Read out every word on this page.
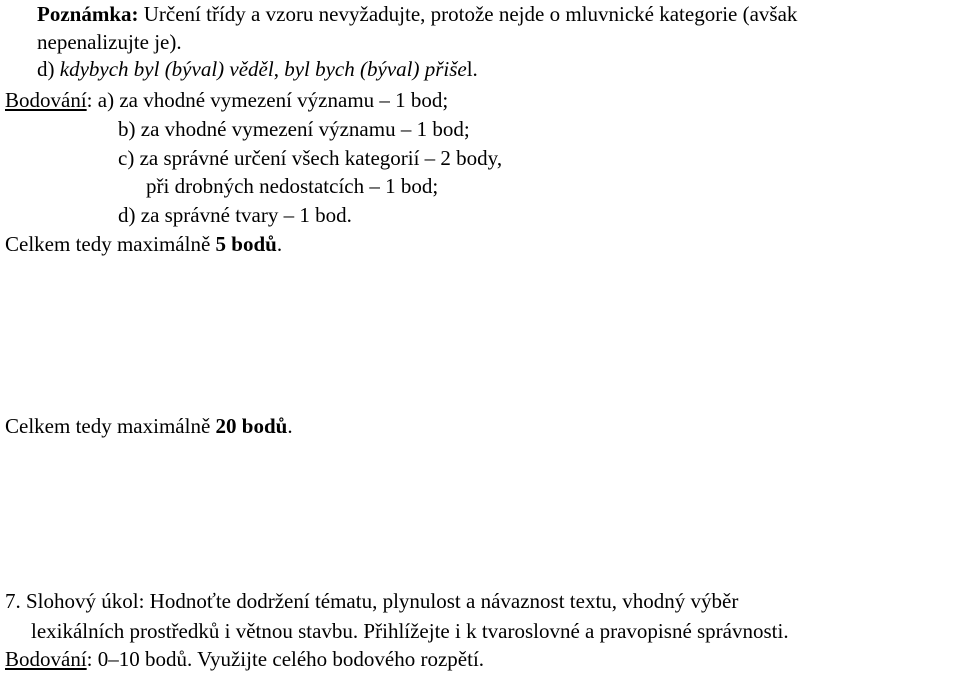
Poznámka: Určení třídy a vzoru nevyžadujte, protože nejde o mluvnické kategorie (avšak
nepenalizujte je).
d) kdybych byl (býval) věděl, byl bych (býval) přišel.
Bodování: a) za vhodné vymezení významu – 1 bod;
b) za vhodné vymezení významu – 1 bod;
c) za správné určení všech kategorií – 2 body,
při drobných nedostatcích – 1 bod;
d) za správné tvary – 1 bod.
Celkem tedy maximálně 5 bodů.
Celkem tedy maximálně 20 bodů.
7. Slohový úkol: Hodnoťte dodržení tématu, plynulost a návaznost textu, vhodný výběr
lexikálních prostředků i větnou stavbu. Přihlížejte i k tvaroslovné a pravopisné správnosti.
Bodování: 0–10 bodů. Využijte celého bodového rozpětí.
